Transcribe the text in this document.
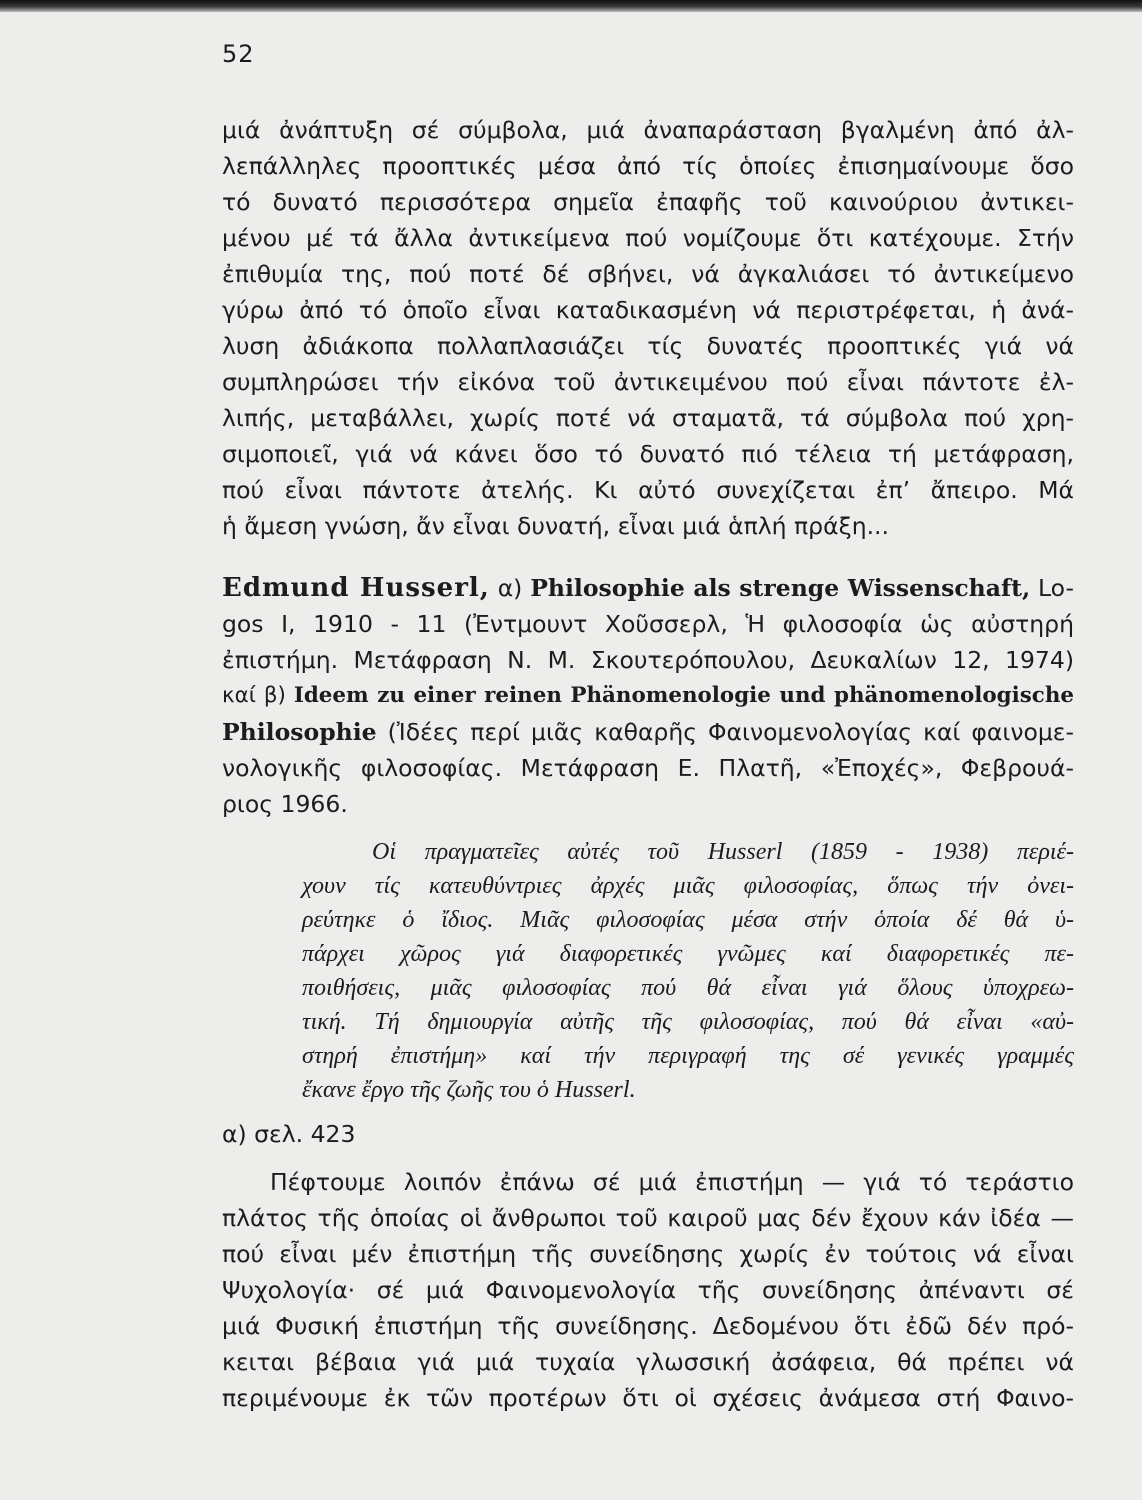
52
μιά ἀνάπτυξη σέ σύμβολα, μιά ἀναπαράσταση βγαλμένη ἀπό ἀλ-
λεπάλληλες προοπτικές μέσα ἀπό τίς ὁποίες ἐπισημαίνουμε ὅσο
τό δυνατό περισσότερα σημεῖα ἐπαφῆς τοῦ καινούριου ἀντικει-
μένου μέ τά ἄλλα ἀντικείμενα πού νομίζουμε ὅτι κατέχουμε. Στήν
ἐπιθυμία της, πού ποτέ δέ σβήνει, νά ἀγκαλιάσει τό ἀντικείμενο
γύρω ἀπό τό ὁποῖο εἶναι καταδικασμένη νά περιστρέφεται, ἡ ἀνά-
λυση ἀδιάκοπα πολλαπλασιάζει τίς δυνατές προοπτικές γιά νά
συμπληρώσει τήν εἰκόνα τοῦ ἀντικειμένου πού εἶναι πάντοτε ἐλ-
λιπής, μεταβάλλει, χωρίς ποτέ νά σταματᾶ, τά σύμβολα πού χρη-
σιμοποιεῖ, γιά νά κάνει ὅσο τό δυνατό πιό τέλεια τή μετάφραση,
πού εἶναι πάντοτε ἀτελής. Κι αὐτό συνεχίζεται ἐπ’ ἄπειρο. Μά
ἡ ἄμεση γνώση, ἄν εἶναι δυνατή, εἶναι μιά ἁπλή πράξη...
Edmund Husserl, α) Philosophie als strenge Wissenschaft, Lo-
gos I, 1910 - 11 (Ἐντμουντ Χοῦσσερλ, Ἡ φιλοσοφία ὡς αὐστηρή
ἐπιστήμη. Μετάφραση Ν. Μ. Σκουτερόπουλου, Δευκαλίων 12, 1974)
καί β) Ideem zu einer reinen Phänomenologie und phänomenologische
Philosophie (Ἰδέες περί μιᾶς καθαρῆς Φαινομενολογίας καί φαινομε-
νολογικῆς φιλοσοφίας. Μετάφραση Ε. Πλατῆ, «Ἐποχές», Φεβρουά-
ριος 1966.
Οἱ πραγματεῖες αὐτές τοῦ Husserl (1859 - 1938) περιέ-
χουν τίς κατευθύντριες ἀρχές μιᾶς φιλοσοφίας, ὅπως τήν ὀνει-
ρεύτηκε ὁ ἴδιος. Μιᾶς φιλοσοφίας μέσα στήν ὁποία δέ θά ὑ-
πάρχει χῶρος γιά διαφορετικές γνῶμες καί διαφορετικές πε-
ποιθήσεις, μιᾶς φιλοσοφίας πού θά εἶναι γιά ὅλους ὑποχρεω-
τική. Τή δημιουργία αὐτῆς τῆς φιλοσοφίας, πού θά εἶναι «αὐ-
στηρή ἐπιστήμη» καί τήν περιγραφή της σέ γενικές γραμμές
ἔκανε ἔργο τῆς ζωῆς του ὁ Husserl.
α) σελ. 423
Πέφτουμε λοιπόν ἐπάνω σέ μιά ἐπιστήμη — γιά τό τεράστιο
πλάτος τῆς ὁποίας οἱ ἄνθρωποι τοῦ καιροῦ μας δέν ἔχουν κάν ἰδέα —
πού εἶναι μέν ἐπιστήμη τῆς συνείδησης χωρίς ἐν τούτοις νά εἶναι
Ψυχολογία· σέ μιά Φαινομενολογία τῆς συνείδησης ἀπέναντι σέ
μιά Φυσική ἐπιστήμη τῆς συνείδησης. Δεδομένου ὅτι ἐδῶ δέν πρό-
κειται βέβαια γιά μιά τυχαία γλωσσική ἀσάφεια, θά πρέπει νά
περιμένουμε ἐκ τῶν προτέρων ὅτι οἱ σχέσεις ἀνάμεσα στή Φαινο-
